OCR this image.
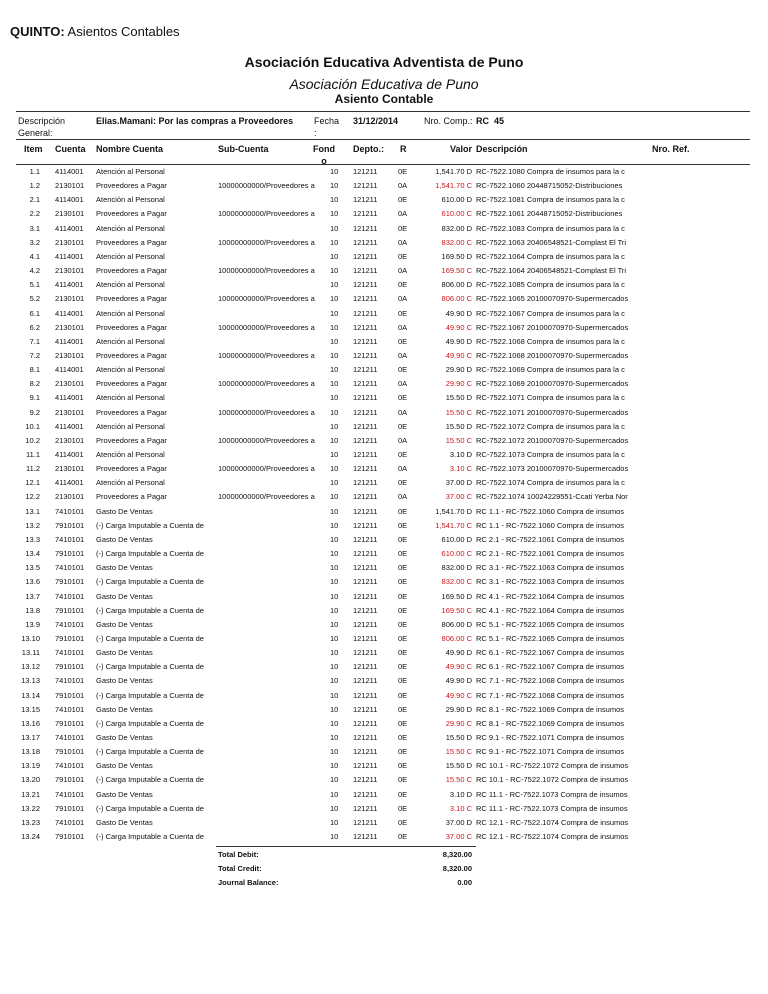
QUINTO: Asientos Contables
Asociación Educativa Adventista de Puno
Asociación Educativa de Puno
Asiento Contable
Descripción
General:
Elias.Mamani: Por las compras a Proveedores Fecha
:
31/12/2014	Nro. Comp.: RC  45
Item Cuenta Nombre Cuenta	Sub-Cuenta	Fond
o
Depto.: R	Valor Descripción	Nro. Ref.
1.1 4114001	Atención al Personal	10	121211	0E	1,541.70 D RC-7522.1080 Compra de insumos para la c
1.2 2130101	Proveedores a Pagar	10000000000/Proveedores a	10	121211	0A	1,541.70 C RC-7522.1060 20448715052-Distribuciones
2.1 4114001	Atención al Personal	10	121211	0E	610.00 D RC-7522.1081 Compra de insumos para la c
2.2 2130101	Proveedores a Pagar	10000000000/Proveedores a	10	121211	0A	610.00 C RC-7522.1061 20448715052-Distribuciones
3.1 4114001	Atención al Personal	10	121211	0E	832.00 D RC-7522.1083 Compra de insumos para la c
3.2 2130101	Proveedores a Pagar	10000000000/Proveedores a	10	121211	0A	832.00 C RC-7522.1063 20406548521-Complast El Tri
4.1 4114001	Atención al Personal	10	121211	0E	169.50 D RC-7522.1064 Compra de insumos para la c
4.2 2130101	Proveedores a Pagar	10000000000/Proveedores a	10	121211	0A	169.50 C RC-7522.1064 20406548521-Complast El Tri
5.1 4114001	Atención al Personal	10	121211	0E	806.00 D RC-7522.1085 Compra de insumos para la c
5.2 2130101	Proveedores a Pagar	10000000000/Proveedores a	10	121211	0A	806.00 C RC-7522.1065 20100070970-Supermercados
6.1 4114001	Atención al Personal	10	121211	0E	49.90 D RC-7522.1067 Compra de insumos para la c
6.2 2130101	Proveedores a Pagar	10000000000/Proveedores a	10	121211	0A	49.90 C RC-7522.1067 20100070970-Supermercados
7.1 4114001	Atención al Personal	10	121211	0E	49.90 D RC-7522.1068 Compra de insumos para la c
7.2 2130101	Proveedores a Pagar	10000000000/Proveedores a	10	121211	0A	49.90 C RC-7522.1068 20100070970-Supermercados
8.1 4114001	Atención al Personal	10	121211	0E	29.90 D RC-7522.1069 Compra de insumos para la c
8.2 2130101	Proveedores a Pagar	10000000000/Proveedores a	10	121211	0A	29.90 C RC-7522.1069 20100070970-Supermercados
9.1 4114001	Atención al Personal	10	121211	0E	15.50 D RC-7522.1071 Compra de insumos para la c
9.2 2130101	Proveedores a Pagar	10000000000/Proveedores a	10	121211	0A	15.50 C RC-7522.1071 20100070970-Supermercados
10.1 4114001	Atención al Personal	10	121211	0E	15.50 D RC-7522.1072 Compra de insumos para la c
10.2 2130101	Proveedores a Pagar	10000000000/Proveedores a	10	121211	0A	15.50 C RC-7522.1072 20100070970-Supermercados
11.1 4114001	Atención al Personal	10	121211	0E	3.10 D RC-7522.1073 Compra de insumos para la c
11.2 2130101	Proveedores a Pagar	10000000000/Proveedores a	10	121211	0A	3.10 C RC-7522.1073 20100070970-Supermercados
12.1 4114001	Atención al Personal	10	121211	0E	37.00 D RC-7522.1074 Compra de insumos para la c
12.2 2130101	Proveedores a Pagar	10000000000/Proveedores a	10	121211	0A	37.00 C RC-7522.1074 10024229551-Ccati Yerba Nor
13.1 7410101	Gasto De Ventas	10	121211	0E	1,541.70 D RC 1.1 - RC-7522.1060 Compra de insumos
13.2 7910101	(-) Carga Imputable a Cuenta de	10	121211	0E	1,541.70 C RC 1.1 - RC-7522.1060 Compra de insumos
13.3 7410101	Gasto De Ventas	10	121211	0E	610.00 D RC 2.1 - RC-7522.1061 Compra de insumos
13.4 7910101	(-) Carga Imputable a Cuenta de	10	121211	0E	610.00 C RC 2.1 - RC-7522.1061 Compra de insumos
13.5 7410101	Gasto De Ventas	10	121211	0E	832.00 D RC 3.1 - RC-7522.1063 Compra de insumos
13.6 7910101	(-) Carga Imputable a Cuenta de	10	121211	0E	832.00 C RC 3.1 - RC-7522.1063 Compra de insumos
13.7 7410101	Gasto De Ventas	10	121211	0E	169.50 D RC 4.1 - RC-7522.1064 Compra de insumos
13.8 7910101	(-) Carga Imputable a Cuenta de	10	121211	0E	169.50 C RC 4.1 - RC-7522.1064 Compra de insumos
13.9 7410101	Gasto De Ventas	10	121211	0E	806.00 D RC 5.1 - RC-7522.1065 Compra de insumos
13.10 7910101	(-) Carga Imputable a Cuenta de	10	121211	0E	806.00 C RC 5.1 - RC-7522.1065 Compra de insumos
13.11 7410101	Gasto De Ventas	10	121211	0E	49.90 D RC 6.1 - RC-7522.1067 Compra de insumos
13.12 7910101	(-) Carga Imputable a Cuenta de	10	121211	0E	49.90 C RC 6.1 - RC-7522.1067 Compra de insumos
13.13 7410101	Gasto De Ventas	10	121211	0E	49.90 D RC 7.1 - RC-7522.1068 Compra de insumos
13.14 7910101	(-) Carga Imputable a Cuenta de	10	121211	0E	49.90 C RC 7.1 - RC-7522.1068 Compra de insumos
13.15 7410101	Gasto De Ventas	10	121211	0E	29.90 D RC 8.1 - RC-7522.1069 Compra de insumos
13.16 7910101	(-) Carga Imputable a Cuenta de	10	121211	0E	29.90 C RC 8.1 - RC-7522.1069 Compra de insumos
13.17 7410101	Gasto De Ventas	10	121211	0E	15.50 D RC 9.1 - RC-7522.1071 Compra de insumos
13.18 7910101	(-) Carga Imputable a Cuenta de	10	121211	0E	15.50 C RC 9.1 - RC-7522.1071 Compra de insumos
13.19 7410101	Gasto De Ventas	10	121211	0E	15.50 D RC 10.1 - RC-7522.1072 Compra de insumos
13.20 7910101	(-) Carga Imputable a Cuenta de	10	121211	0E	15.50 C RC 10.1 - RC-7522.1072 Compra de insumos
13.21 7410101	Gasto De Ventas	10	121211	0E	3.10 D RC 11.1 - RC-7522.1073 Compra de insumos
13.22 7910101	(-) Carga Imputable a Cuenta de	10	121211	0E	3.10 C RC 11.1 - RC-7522.1073 Compra de insumos
13.23 7410101	Gasto De Ventas	10	121211	0E	37.00 D RC 12.1 - RC-7522.1074 Compra de insumos
13.24 7910101	(-) Carga Imputable a Cuenta de	10	121211	0E	37.00 C RC 12.1 - RC-7522.1074 Compra de insumos
Total Debit:	8,320.00
Total Credit:	8,320.00
Journal Balance:	0.00
